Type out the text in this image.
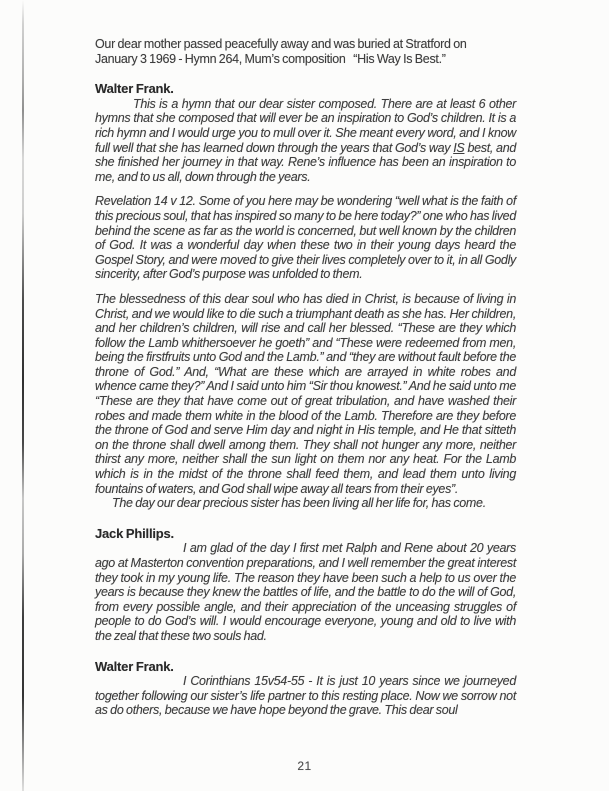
Our dear mother passed peacefully away and was buried at Stratford on

January 3 1969 - Hymn 264, Mum’s composition   “His Way Is Best.”

Walter Frank.

This is a hymn that our dear sister composed. There are at least 6 other hymns that she composed that will ever be an inspiration to God’s children. It is a rich hymn and I would urge you to mull over it. She meant every word, and I know full well that she has learned down through the years that God’s way IS best, and she finished her journey in that way. Rene’s influence has been an inspiration to me, and to us all, down through the years.

Revelation 14 v 12. Some of you here may be wondering “well what is the faith of this precious soul, that has inspired so many to be here today?” one who has lived behind the scene as far as the world is concerned, but well known by the children of God. It was a wonderful day when these two in their young days heard the Gospel Story, and were moved to give their lives completely over to it, in all Godly sincerity, after God’s purpose was unfolded to them.

The blessedness of this dear soul who has died in Christ, is because of living in Christ, and we would like to die such a triumphant death as she has. Her children, and her children’s children, will rise and call her blessed. “These are they which follow the Lamb whithersoever he goeth” and “These were redeemed from men, being the firstfruits unto God and the Lamb.” and “they are without fault before the throne of God.” And, “What are these which are arrayed in white robes and whence came they?” And I said unto him “Sir thou knowest.” And he said unto me “These are they that have come out of great tribulation, and have washed their robes and made them white in the blood of the Lamb. Therefore are they before the throne of God and serve Him day and night in His temple, and He that sitteth on the throne shall dwell among them. They shall not hunger any more, neither thirst any more, neither shall the sun light on them nor any heat. For the Lamb which is in the midst of the throne shall feed them, and lead them unto living fountains of waters, and God shall wipe away all tears from their eyes”.

The day our dear precious sister has been living all her life for, has come.

Jack Phillips.

I am glad of the day I first met Ralph and Rene about 20 years ago at Masterton convention preparations, and I well remember the great interest they took in my young life. The reason they have been such a help to us over the years is because they knew the battles of life, and the battle to do the will of God, from every possible angle, and their appreciation of the unceasing struggles of people to do God’s will. I would encourage everyone, young and old to live with the zeal that these two souls had.

Walter Frank.

I Corinthians 15v54-55 - It is just 10 years since we journeyed together following our sister’s life partner to this resting place. Now we sorrow not as do others, because we have hope beyond the grave. This dear soul

21
